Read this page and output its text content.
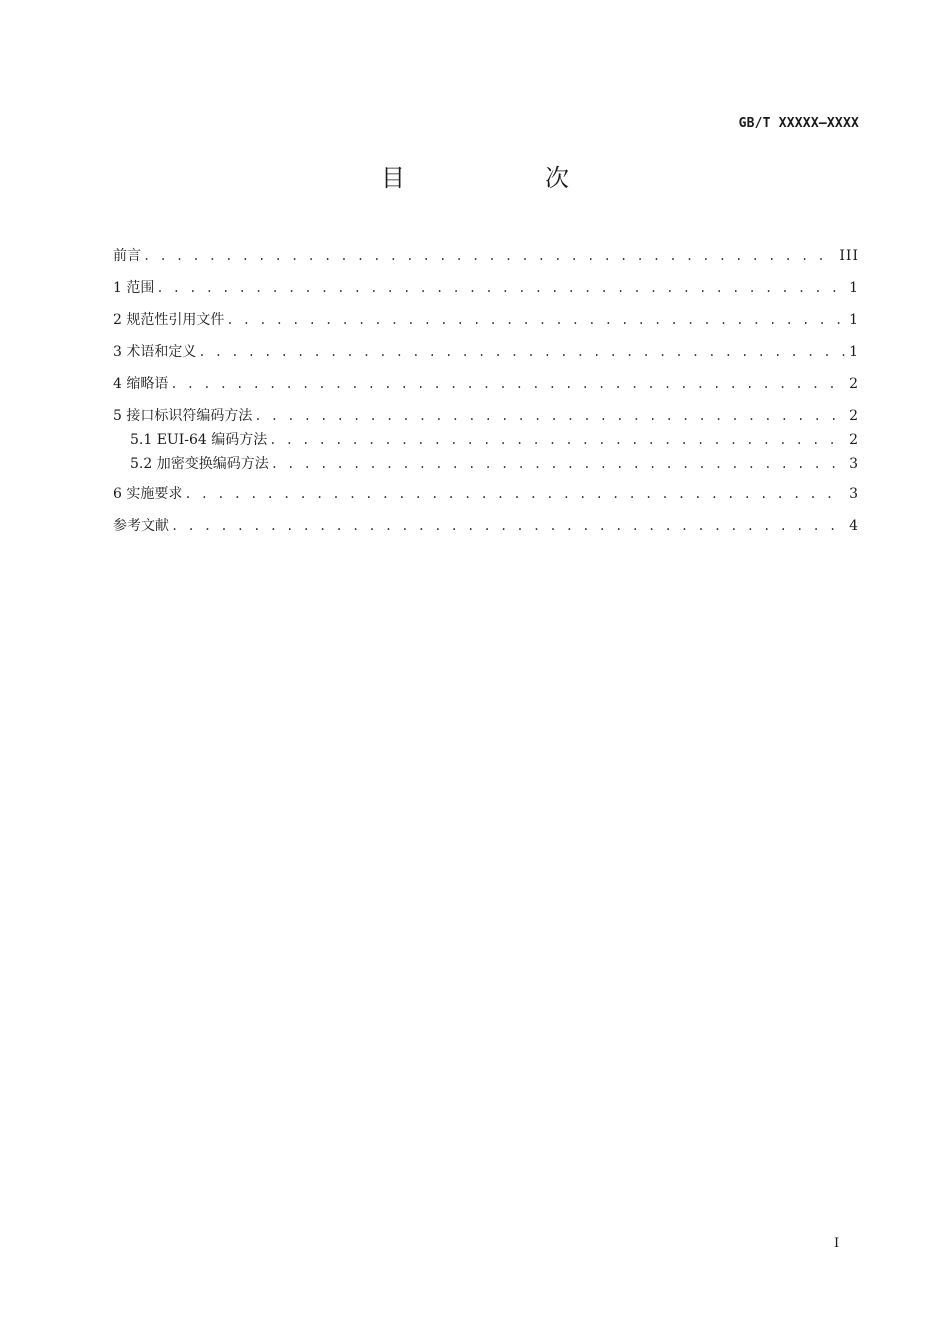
GB/T XXXXX—XXXX
目　次
前言 . . .	III
1 范围 . . .	1
2 规范性引用文件 . . .	1
3 术语和定义 . . .	1
4 缩略语 . . .	2
5 接口标识符编码方法 . . .	2
5.1 EUI-64 编码方法 . . .	2
5.2 加密变换编码方法 . . .	3
6 实施要求 . . .	3
参考文献 . . .	4
I
